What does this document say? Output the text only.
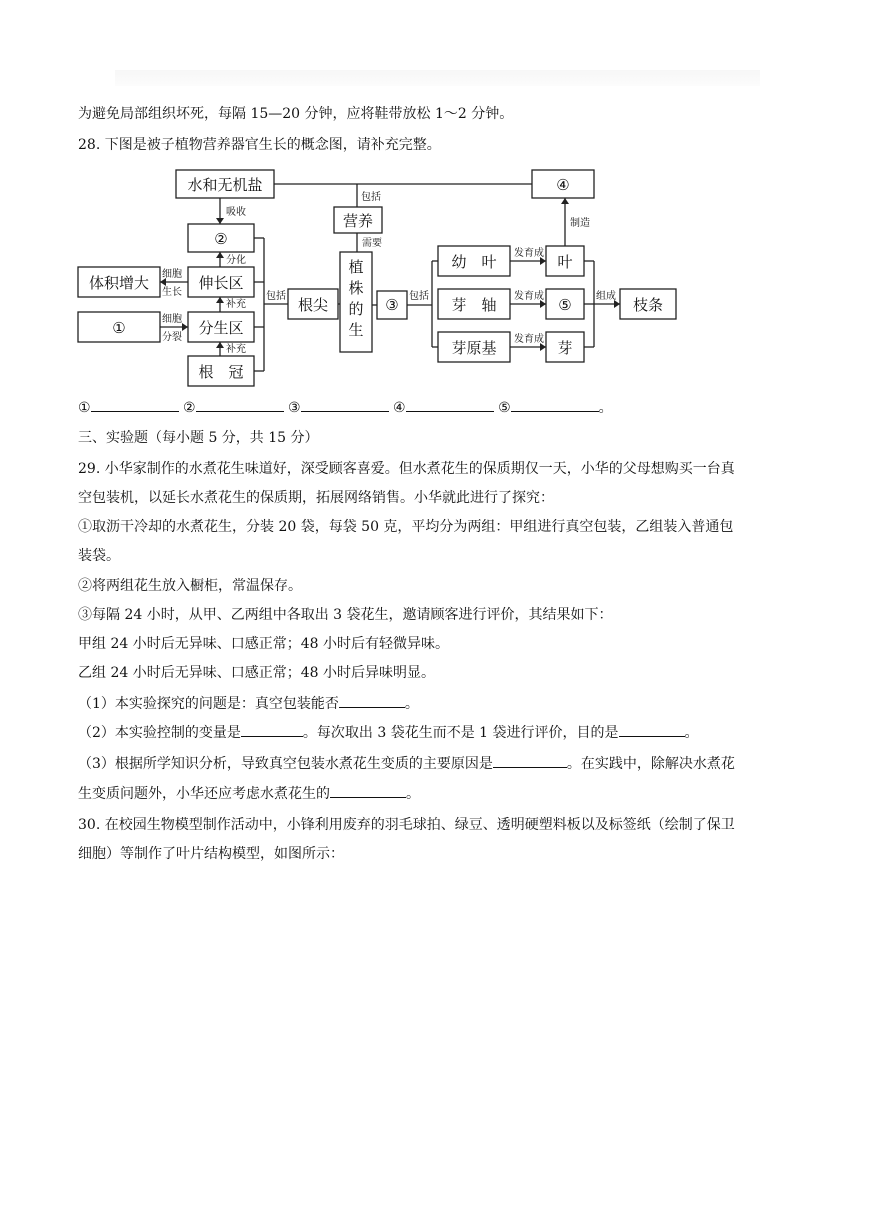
为避免局部组织坏死，每隔 15—20 分钟，应将鞋带放松 1～2 分钟。
28. 下图是被子植物营养器官生长的概念图，请补充完整。
水和无机盐	④
营养
②
体积增大	伸长区
①	分生区
根　冠
根尖	③
幼　叶
芽　轴
芽原基
叶
⑤
芽
枝条
植
株
的
生
包括
吸收
需要
制造
分化
细胞
生长
补充
细胞
分裂
补充
包括	包括
发育成
发育成
发育成
组成
①	②	③	④	⑤	。
三、实验题（每小题 5 分，共 15 分）
29. 小华家制作的水煮花生味道好，深受顾客喜爱。但水煮花生的保质期仅一天，小华的父母想购买一台真
空包装机，以延长水煮花生的保质期，拓展网络销售。小华就此进行了探究：
①取沥干冷却的水煮花生，分装 20 袋，每袋 50 克，平均分为两组：甲组进行真空包装，乙组装入普通包
装袋。
②将两组花生放入橱柜，常温保存。
③每隔 24 小时，从甲、乙两组中各取出 3 袋花生，邀请顾客进行评价，其结果如下：
甲组 24 小时后无异味、口感正常；48 小时后有轻微异味。
乙组 24 小时后无异味、口感正常；48 小时后异味明显。
（1）本实验探究的问题是：真空包装能否	。
（2）本实验控制的变量是	。每次取出 3 袋花生而不是 1 袋进行评价，目的是	。
（3）根据所学知识分析，导致真空包装水煮花生变质的主要原因是	。在实践中，除解决水煮花
生变质问题外，小华还应考虑水煮花生的	。
30. 在校园生物模型制作活动中，小锋利用废弃的羽毛球拍、绿豆、透明硬塑料板以及标签纸（绘制了保卫
细胞）等制作了叶片结构模型，如图所示：
